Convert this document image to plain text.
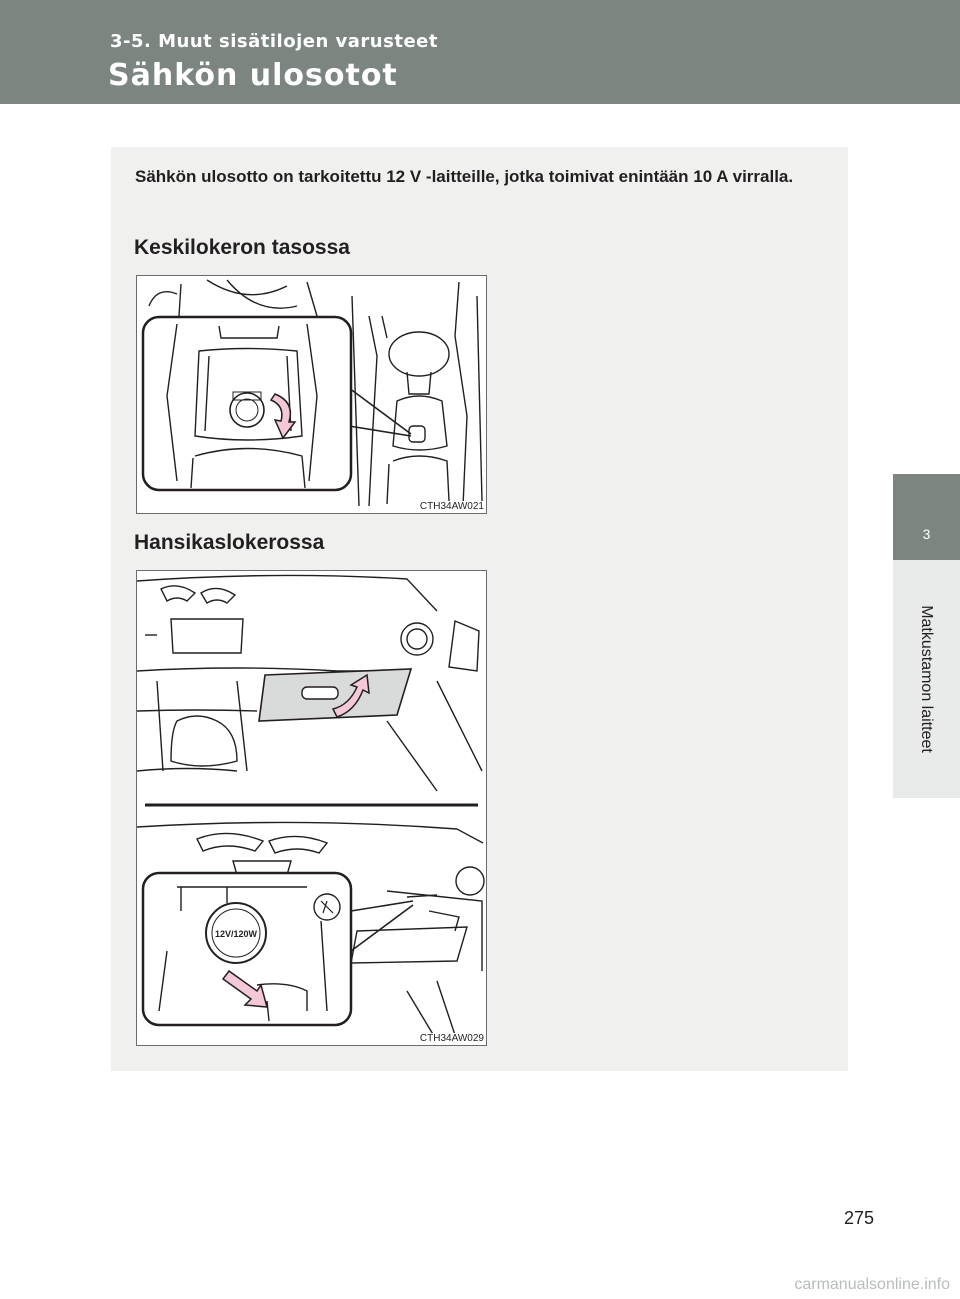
3-5. Muut sisätilojen varusteet
Sähkön ulosotot
3
Matkustamon laitteet
Sähkön ulosotto on tarkoitettu 12 V -laitteille, jotka toimivat enintään 10 A virralla.
Keskilokeron tasossa
CTH34AW021
Hansikaslokerossa
12V/120W
CTH34AW029
275
carmanualsonline.info
